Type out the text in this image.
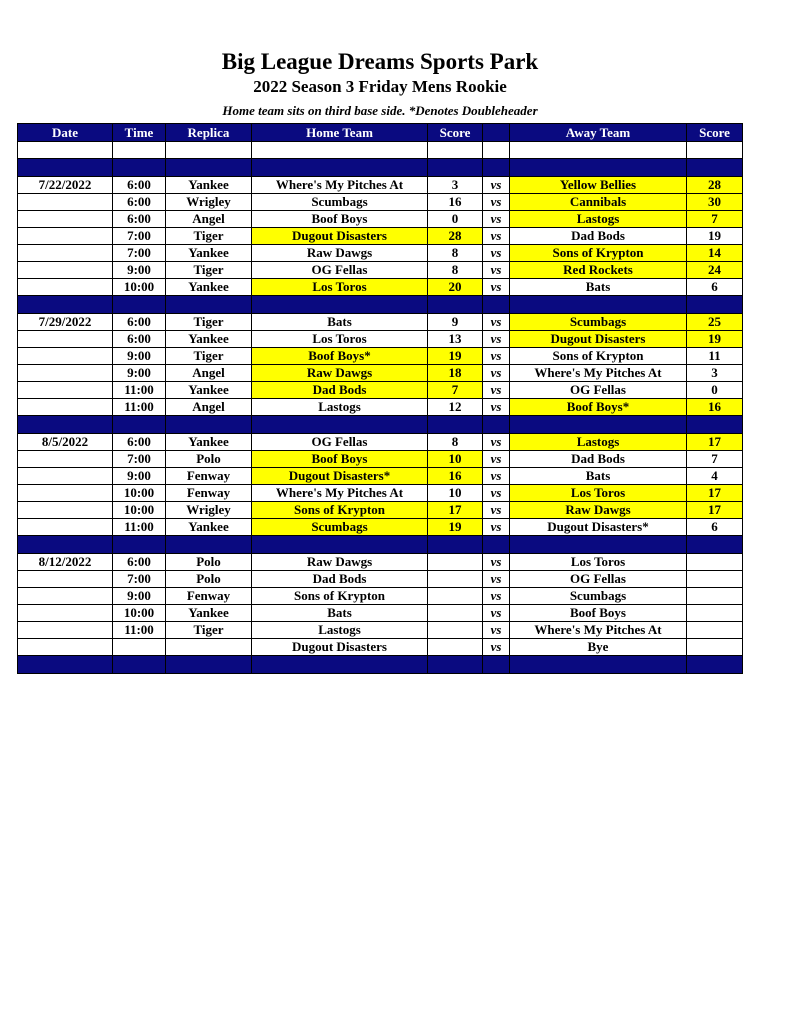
Big League Dreams Sports Park
2022 Season 3 Friday Mens Rookie
Home team sits on third base side. *Denotes Doubleheader
Date	Time	Replica	Home Team	Score		Away Team	Score

7/22/2022	6:00	Yankee	Where's My Pitches At	3	vs	Yellow Bellies	28
	6:00	Wrigley	Scumbags	16	vs	Cannibals	30
	6:00	Angel	Boof Boys	0	vs	Lastogs	7
	7:00	Tiger	Dugout Disasters	28	vs	Dad Bods	19
	7:00	Yankee	Raw Dawgs	8	vs	Sons of Krypton	14
	9:00	Tiger	OG Fellas	8	vs	Red Rockets	24
	10:00	Yankee	Los Toros	20	vs	Bats	6

7/29/2022	6:00	Tiger	Bats	9	vs	Scumbags	25
	6:00	Yankee	Los Toros	13	vs	Dugout Disasters	19
	9:00	Tiger	Boof Boys*	19	vs	Sons of Krypton	11
	9:00	Angel	Raw Dawgs	18	vs	Where's My Pitches At	3
	11:00	Yankee	Dad Bods	7	vs	OG Fellas	0
	11:00	Angel	Lastogs	12	vs	Boof Boys*	16

8/5/2022	6:00	Yankee	OG Fellas	8	vs	Lastogs	17
	7:00	Polo	Boof Boys	10	vs	Dad Bods	7
	9:00	Fenway	Dugout Disasters*	16	vs	Bats	4
	10:00	Fenway	Where's My Pitches At	10	vs	Los Toros	17
	10:00	Wrigley	Sons of Krypton	17	vs	Raw Dawgs	17
	11:00	Yankee	Scumbags	19	vs	Dugout Disasters*	6

8/12/2022	6:00	Polo	Raw Dawgs		vs	Los Toros	
	7:00	Polo	Dad Bods		vs	OG Fellas	
	9:00	Fenway	Sons of Krypton		vs	Scumbags	
	10:00	Yankee	Bats		vs	Boof Boys	
	11:00	Tiger	Lastogs		vs	Where's My Pitches At	
			Dugout Disasters		vs	Bye	
